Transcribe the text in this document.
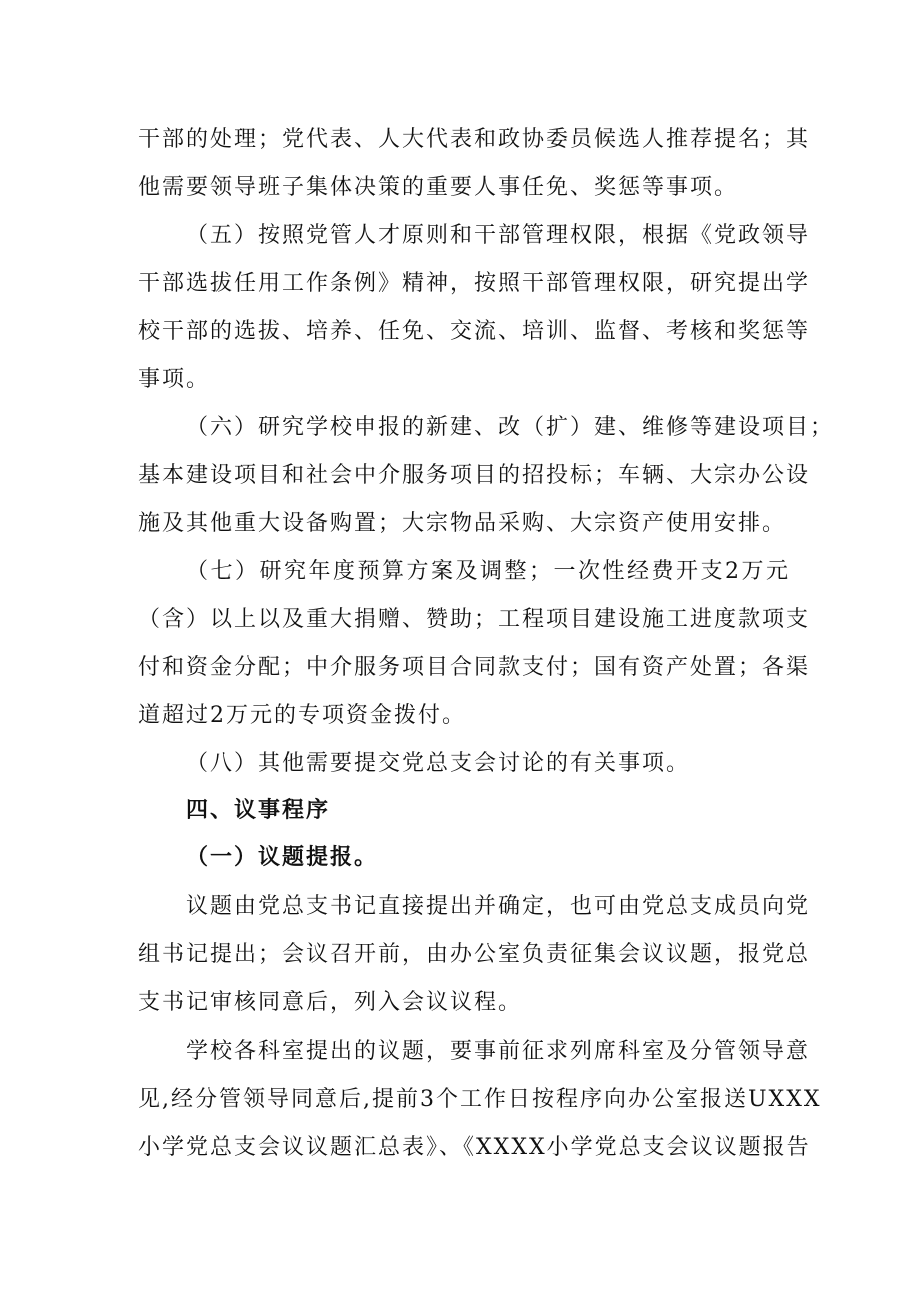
干部的处理；党代表、人大代表和政协委员候选人推荐提名；其
他需要领导班子集体决策的重要人事任免、奖惩等事项。
（五）按照党管人才原则和干部管理权限，根据《党政领导
干部选拔任用工作条例》精神，按照干部管理权限，研究提出学
校干部的选拔、培养、任免、交流、培训、监督、考核和奖惩等
事项。
（六）研究学校申报的新建、改（扩）建、维修等建设项目；
基本建设项目和社会中介服务项目的招投标；车辆、大宗办公设
施及其他重大设备购置；大宗物品采购、大宗资产使用安排。
（七）研究年度预算方案及调整；一次性经费开支2万元
（含）以上以及重大捐赠、赞助；工程项目建设施工进度款项支
付和资金分配；中介服务项目合同款支付；国有资产处置；各渠
道超过2万元的专项资金拨付。
（八）其他需要提交党总支会讨论的有关事项。
四、议事程序
（一）议题提报。
议题由党总支书记直接提出并确定，也可由党总支成员向党
组书记提出；会议召开前，由办公室负责征集会议议题，报党总
支书记审核同意后，列入会议议程。
学校各科室提出的议题，要事前征求列席科室及分管领导意
见,经分管领导同意后,提前3个工作日按程序向办公室报送UXXX
小学党总支会议议题汇总表》、《XXXX小学党总支会议议题报告
